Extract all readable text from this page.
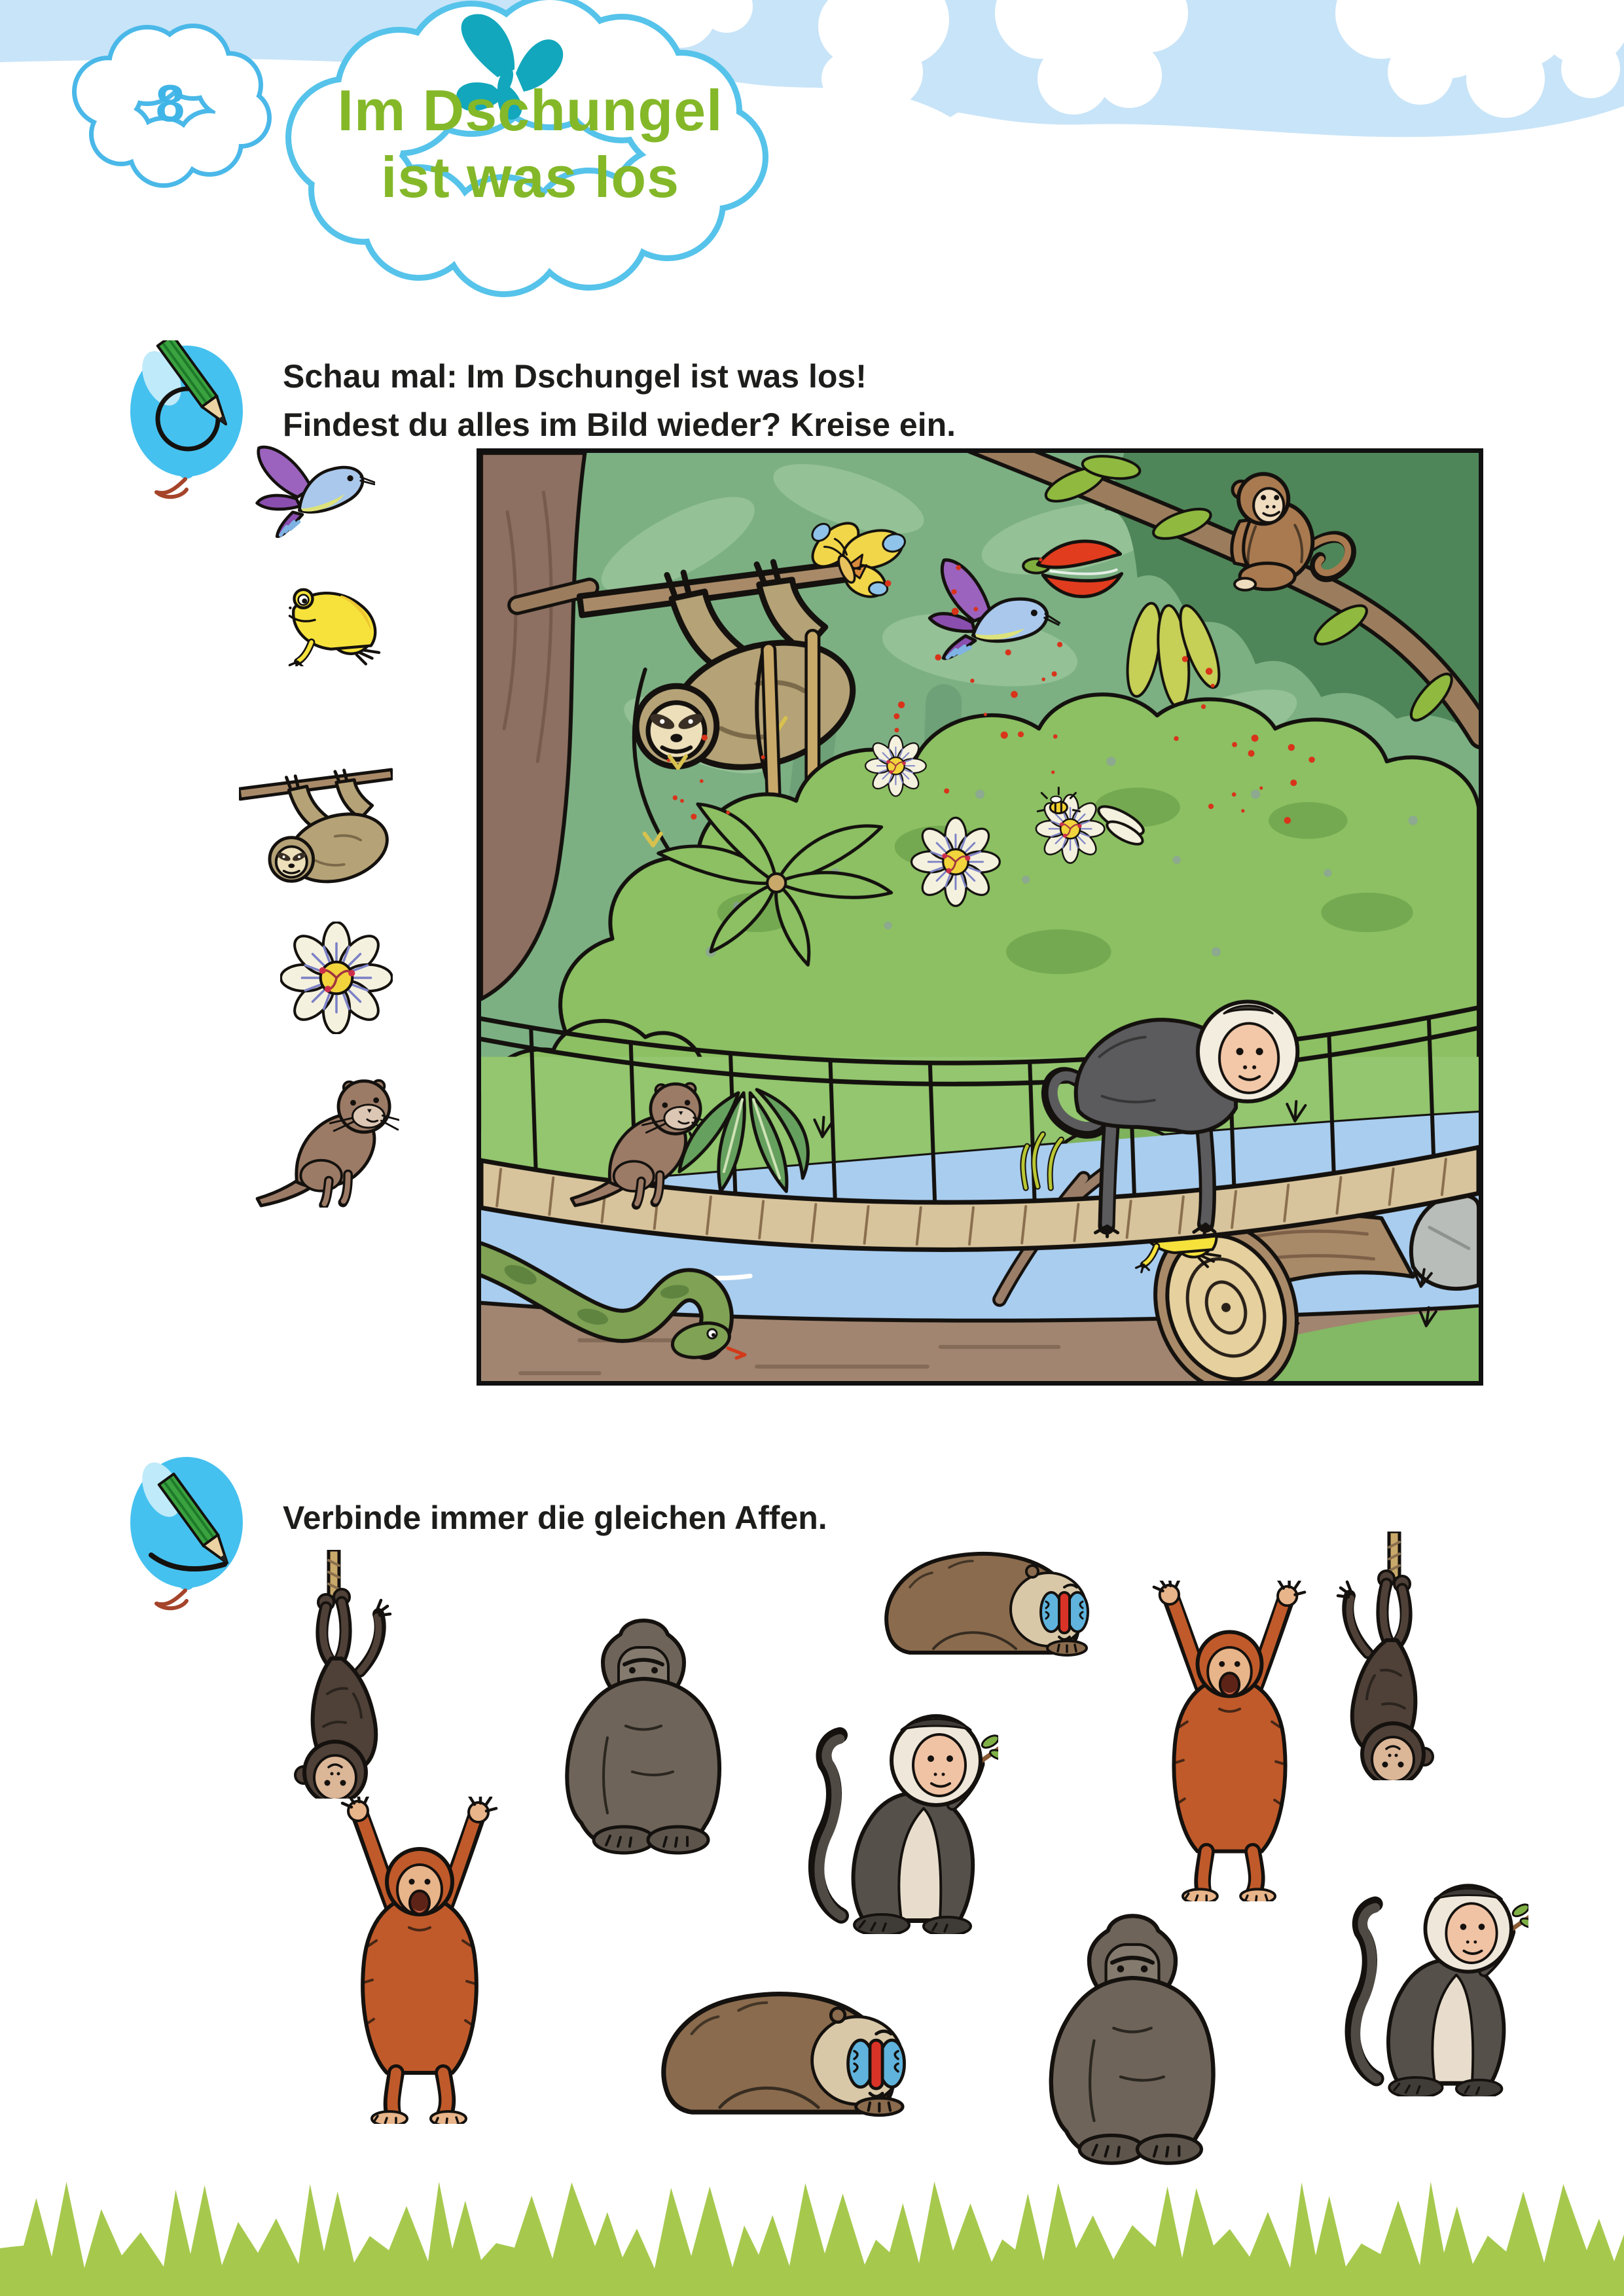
8	Im Dschungel
ist was los
Schau mal: Im Dschungel ist was los!
Findest du alles im Bild wieder? Kreise ein.
Verbinde immer die gleichen Affen.
